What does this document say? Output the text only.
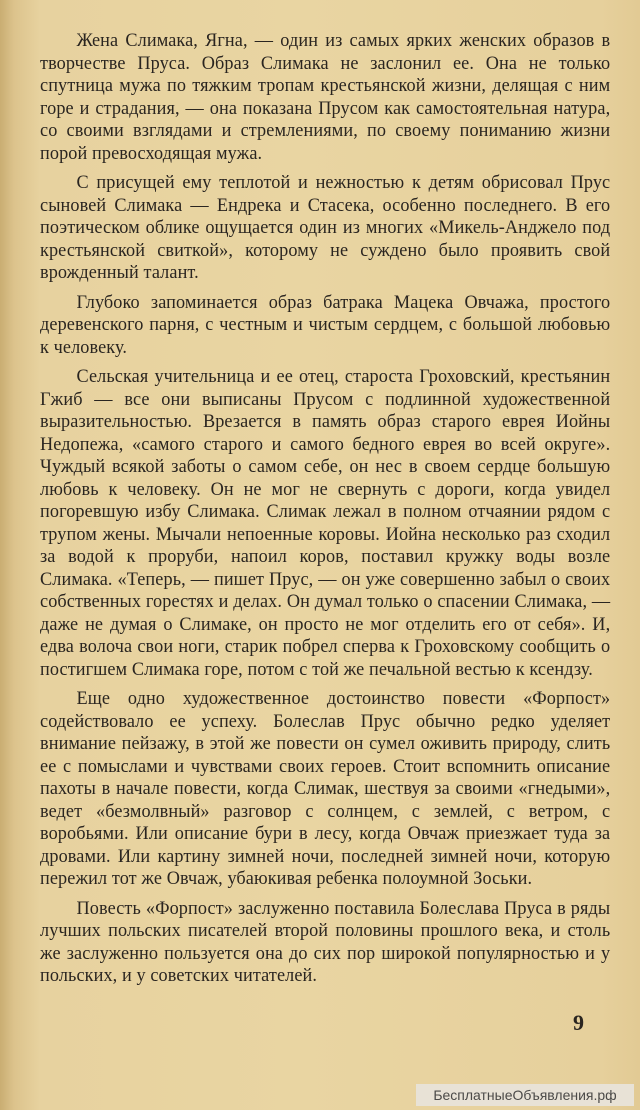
Жена Слимака, Ягна, — один из самых ярких женских образов в творчестве Пруса. Образ Слимака не заслонил ее. Она не только спутница мужа по тяжким тропам крестьянской жизни, делящая с ним горе и страдания, — она показана Прусом как самостоятельная натура, со своими взглядами и стремлениями, по своему пониманию жизни порой превосходящая мужа.

С присущей ему теплотой и нежностью к детям обрисовал Прус сыновей Слимака — Ендрека и Стасека, особенно последнего. В его поэтическом облике ощущается один из многих «Микель-Анджело под крестьянской свиткой», которому не суждено было проявить свой врожденный талант.

Глубоко запоминается образ батрака Мацека Овчажа, простого деревенского парня, с честным и чистым сердцем, с большой любовью к человеку.

Сельская учительница и ее отец, староста Гроховский, крестьянин Гжиб — все они выписаны Прусом с подлинной художественной выразительностью. Врезается в память образ старого еврея Иойны Недопежа, «самого старого и самого бедного еврея во всей округе». Чуждый всякой заботы о самом себе, он нес в своем сердце большую любовь к человеку. Он не мог не свернуть с дороги, когда увидел погоревшую избу Слимака. Слимак лежал в полном отчаянии рядом с трупом жены. Мычали непоенные коровы. Иойна несколько раз сходил за водой к проруби, напоил коров, поставил кружку воды возле Слимака. «Теперь, — пишет Прус, — он уже совершенно забыл о своих собственных горестях и делах. Он думал только о спасении Слимака, — даже не думая о Слимаке, он просто не мог отделить его от себя». И, едва волоча свои ноги, старик побрел сперва к Гроховскому сообщить о постигшем Слимака горе, потом с той же печальной вестью к ксендзу.

Еще одно художественное достоинство повести «Форпост» содействовало ее успеху. Болеслав Прус обычно редко уделяет внимание пейзажу, в этой же повести он сумел оживить природу, слить ее с помыслами и чувствами своих героев. Стоит вспомнить описание пахоты в начале повести, когда Слимак, шествуя за своими «гнедыми», ведет «безмолвный» разговор с солнцем, с землей, с ветром, с воробьями. Или описание бури в лесу, когда Овчаж приезжает туда за дровами. Или картину зимней ночи, последней зимней ночи, которую пережил тот же Овчаж, убаюкивая ребенка полоумной Зоськи.

Повесть «Форпост» заслуженно поставила Болеслава Пруса в ряды лучших польских писателей второй половины прошлого века, и столь же заслуженно пользуется она до сих пор широкой популярностью и у польских, и у советских читателей.

9
БесплатныеОбъявления.рф
